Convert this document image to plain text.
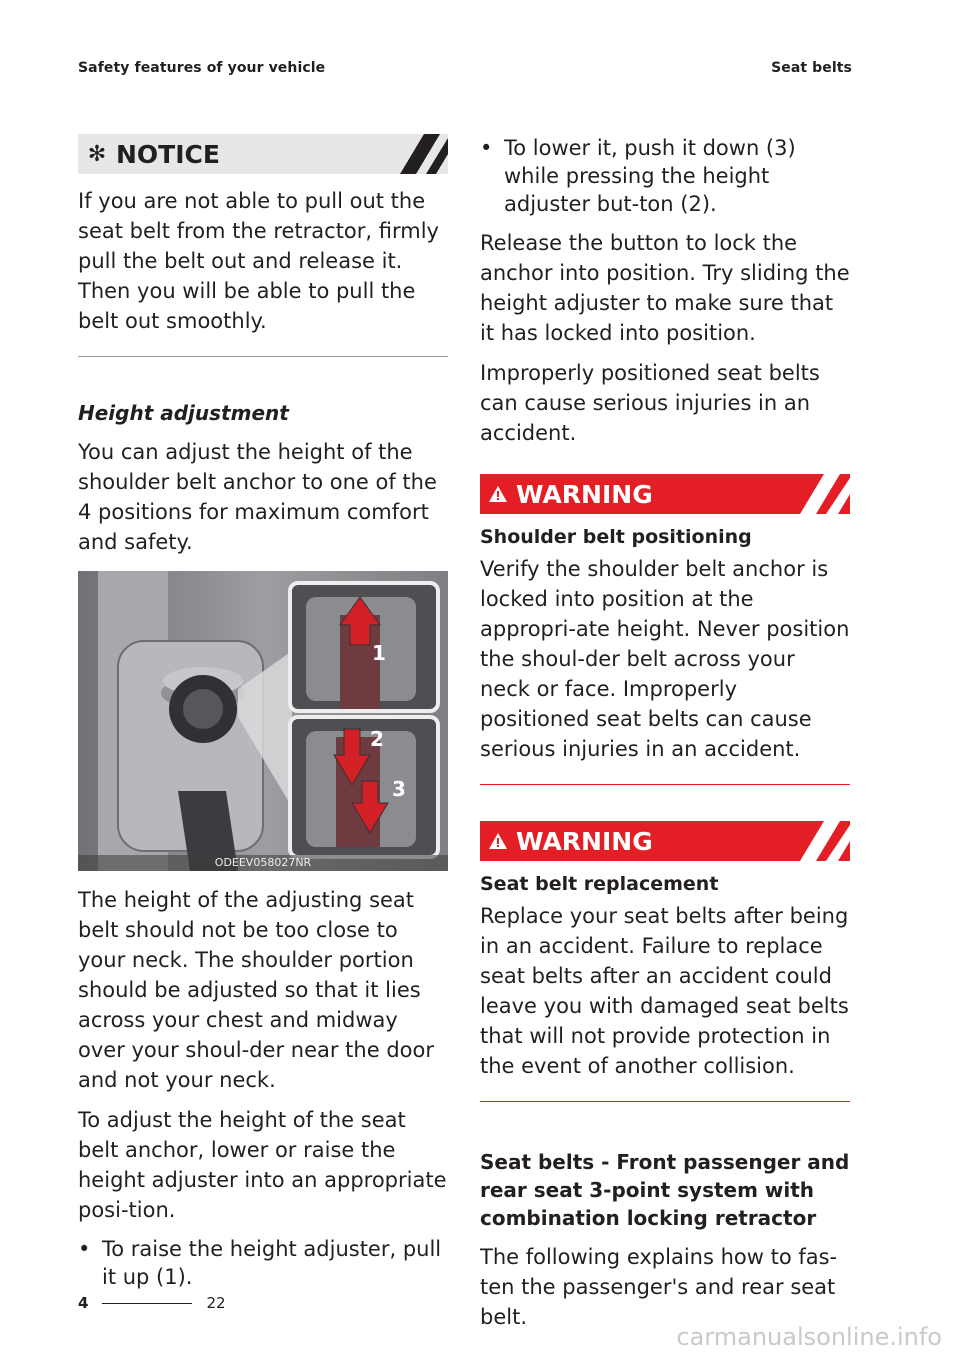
Safety features of your vehicle	Seat belts
✻ NOTICE

If you are not able to pull out the seat belt from the retractor, firmly pull the belt out and release it. Then you will be able to pull the belt out smoothly.

Height adjustment

You can adjust the height of the shoulder belt anchor to one of the 4 positions for maximum comfort and safety.

1
2
3
ODEEV058027NR

The height of the adjusting seat belt should not be too close to your neck. The shoulder portion should be adjusted so that it lies across your chest and midway over your shoul-der near the door and not your neck.

To adjust the height of the seat belt anchor, lower or raise the height adjuster into an appropriate posi-tion.

• To raise the height adjuster, pull it up (1).
• To lower it, push it down (3) while pressing the height adjuster but-ton (2).

Release the button to lock the anchor into position. Try sliding the height adjuster to make sure that it has locked into position.

Improperly positioned seat belts can cause serious injuries in an accident.

WARNING
Shoulder belt positioning

Verify the shoulder belt anchor is locked into position at the appropri-ate height. Never position the shoul-der belt across your neck or face. Improperly positioned seat belts can cause serious injuries in an accident.

WARNING
Seat belt replacement

Replace your seat belts after being in an accident. Failure to replace seat belts after an accident could leave you with damaged seat belts that will not provide protection in the event of another collision.

Seat belts - Front passenger and rear seat 3-point system with combination locking retractor

The following explains how to fas-ten the passenger's and rear seat belt.

4	22
carmanualsonline.info
